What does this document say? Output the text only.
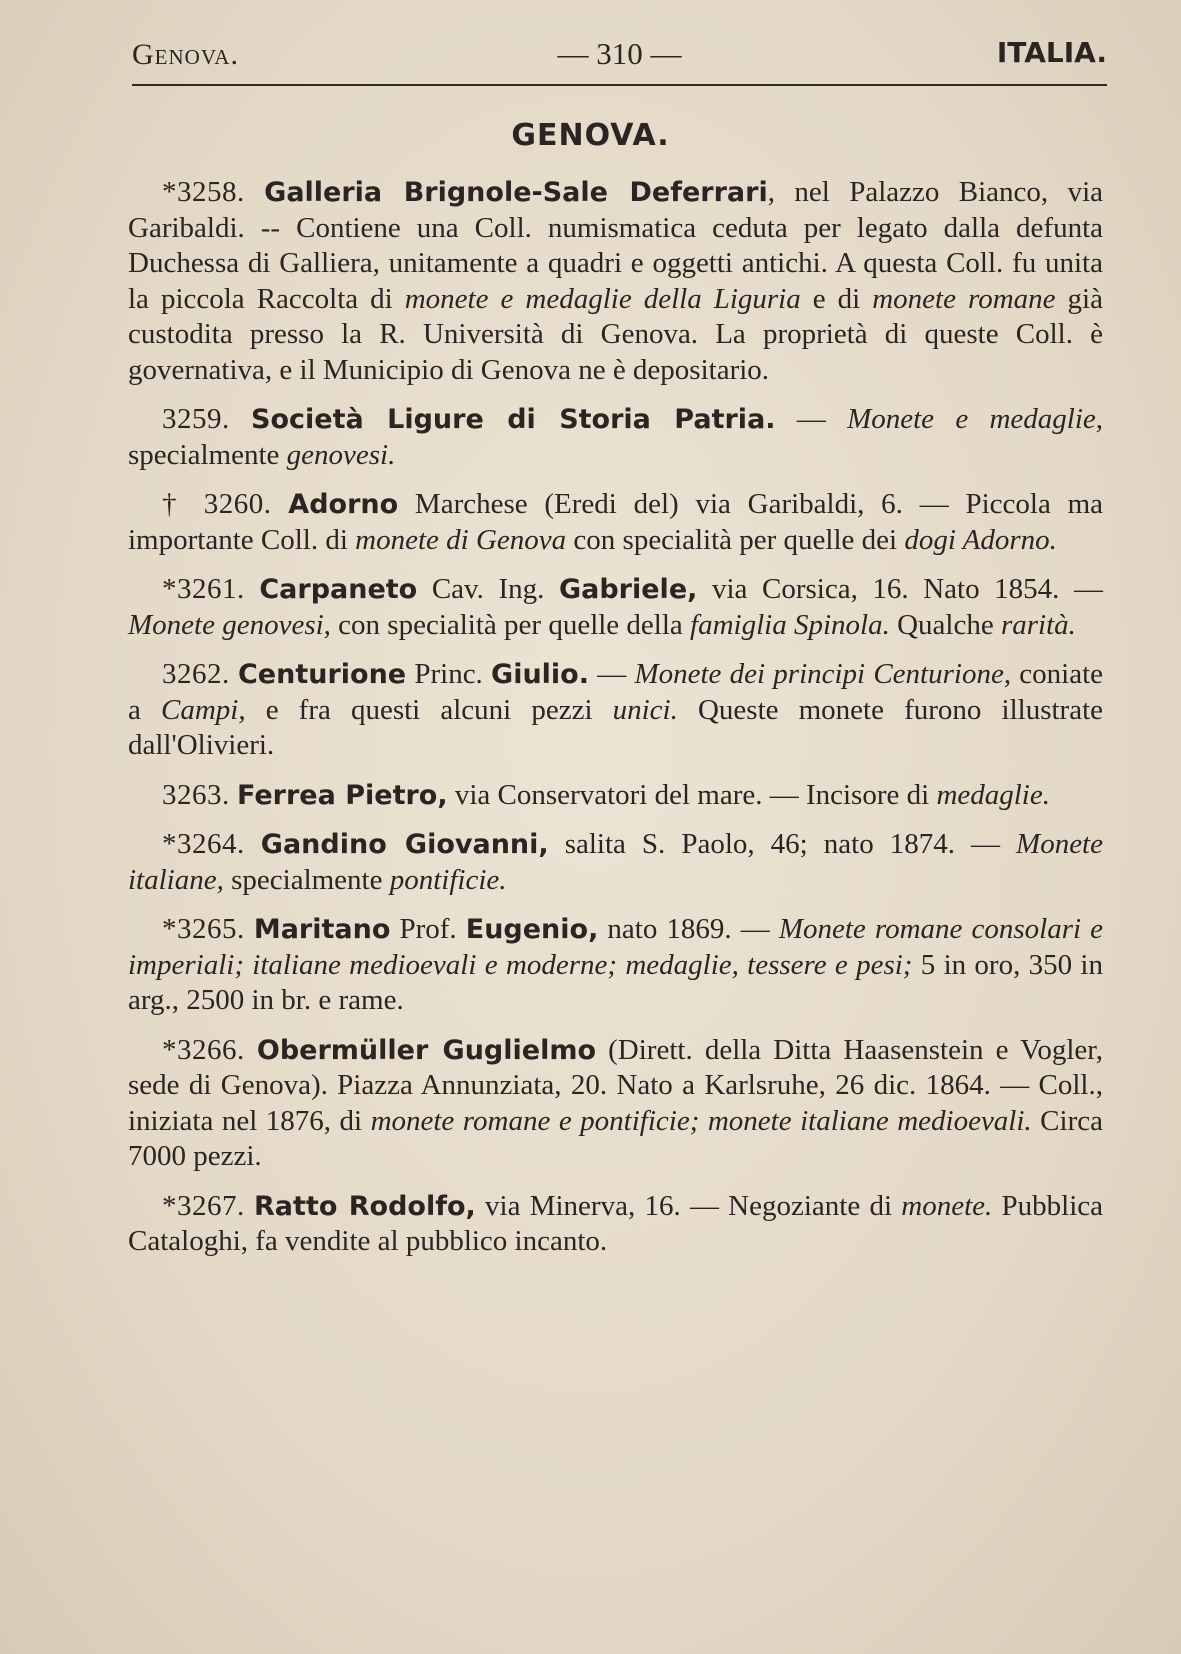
Genova.	— 310 —	ITALIA.
GENOVA.

*3258. Galleria Brignole-Sale Deferrari, nel Palazzo Bianco, via Garibaldi. -- Contiene una Coll. numismatica ceduta per legato dalla defunta Duchessa di Galliera, unitamente a quadri e oggetti antichi. A questa Coll. fu unita la piccola Raccolta di monete e medaglie della Liguria e di monete romane già custodita presso la R. Università di Genova. La proprietà di queste Coll. è governativa, e il Municipio di Genova ne è depositario.

3259. Società Ligure di Storia Patria. — Monete e medaglie, specialmente genovesi.

† 3260. Adorno Marchese (Eredi del) via Garibaldi, 6. — Piccola ma importante Coll. di monete di Genova con specialità per quelle dei dogi Adorno.

*3261. Carpaneto Cav. Ing. Gabriele, via Corsica, 16. Nato 1854. — Monete genovesi, con specialità per quelle della famiglia Spinola. Qualche rarità.

3262. Centurione Princ. Giulio. — Monete dei principi Centurione, coniate a Campi, e fra questi alcuni pezzi unici. Queste monete furono illustrate dall'Olivieri.

3263. Ferrea Pietro, via Conservatori del mare. — Incisore di medaglie.

*3264. Gandino Giovanni, salita S. Paolo, 46; nato 1874. — Monete italiane, specialmente pontificie.

*3265. Maritano Prof. Eugenio, nato 1869. — Monete romane consolari e imperiali; italiane medioevali e moderne; medaglie, tessere e pesi; 5 in oro, 350 in arg., 2500 in br. e rame.

*3266. Obermüller Guglielmo (Dirett. della Ditta Haasenstein e Vogler, sede di Genova). Piazza Annunziata, 20. Nato a Karlsruhe, 26 dic. 1864. — Coll., iniziata nel 1876, di monete romane e pontificie; monete italiane medioevali. Circa 7000 pezzi.

*3267. Ratto Rodolfo, via Minerva, 16. — Negoziante di monete. Pubblica Cataloghi, fa vendite al pubblico incanto.
